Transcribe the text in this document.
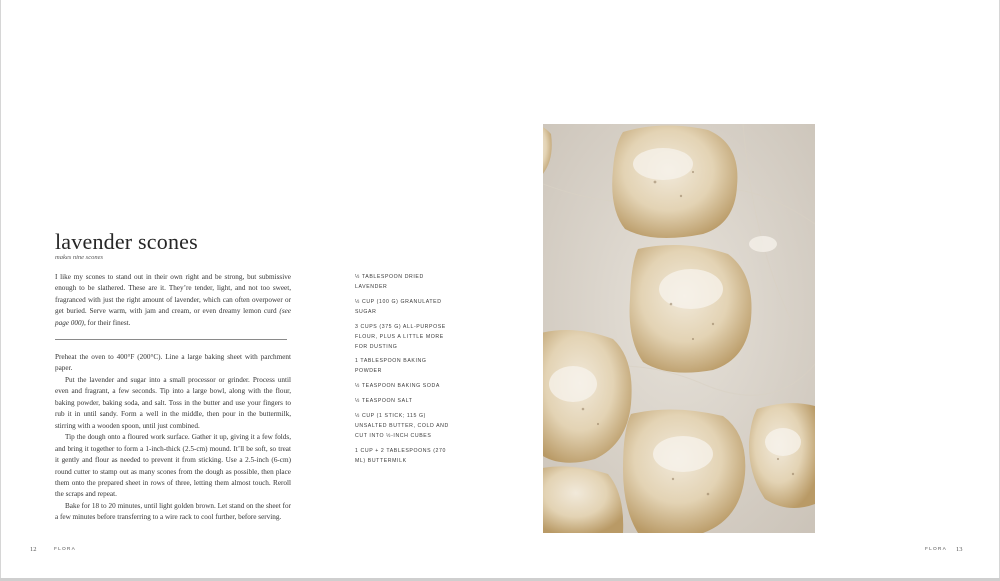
lavender scones
makes nine scones

I like my scones to stand out in their own right and be strong, but submissive enough to be slathered. These are it. They’re tender, light, and not too sweet, fragranced with just the right amount of lavender, which can often overpower or get buried. Serve warm, with jam and cream, or even dreamy lemon curd (see page 000), for their finest.

Preheat the oven to 400°F (200°C). Line a large baking sheet with parchment paper.

Put the lavender and sugar into a small processor or grinder. Process until even and fragrant, a few seconds. Tip into a large bowl, along with the flour, baking powder, baking soda, and salt. Toss in the butter and use your fingers to rub it in until sandy. Form a well in the middle, then pour in the buttermilk, stirring with a wooden spoon, until just combined.

Tip the dough onto a floured work surface. Gather it up, giving it a few folds, and bring it together to form a 1-inch-thick (2.5-cm) mound. It’ll be soft, so treat it gently and flour as needed to prevent it from sticking. Use a 2.5-inch (6-cm) round cutter to stamp out as many scones from the dough as possible, then place them onto the prepared sheet in rows of three, letting them almost touch. Reroll the scraps and repeat.

Bake for 18 to 20 minutes, until light golden brown. Let stand on the sheet for a few minutes before transferring to a wire rack to cool further, before serving.

½ TABLESPOON DRIED LAVENDER
½ CUP (100 G) GRANULATED SUGAR
3 CUPS (375 G) ALL-PURPOSE FLOUR, PLUS A LITTLE MORE FOR DUSTING
1 TABLESPOON BAKING POWDER
½ TEASPOON BAKING SODA
½ TEASPOON SALT
½ CUP (1 STICK; 115 G) UNSALTED BUTTER, COLD AND CUT INTO ½-INCH CUBES
1 CUP + 2 TABLESPOONS (270 ML) BUTTERMILK
12	FLORA	FLORA 13
